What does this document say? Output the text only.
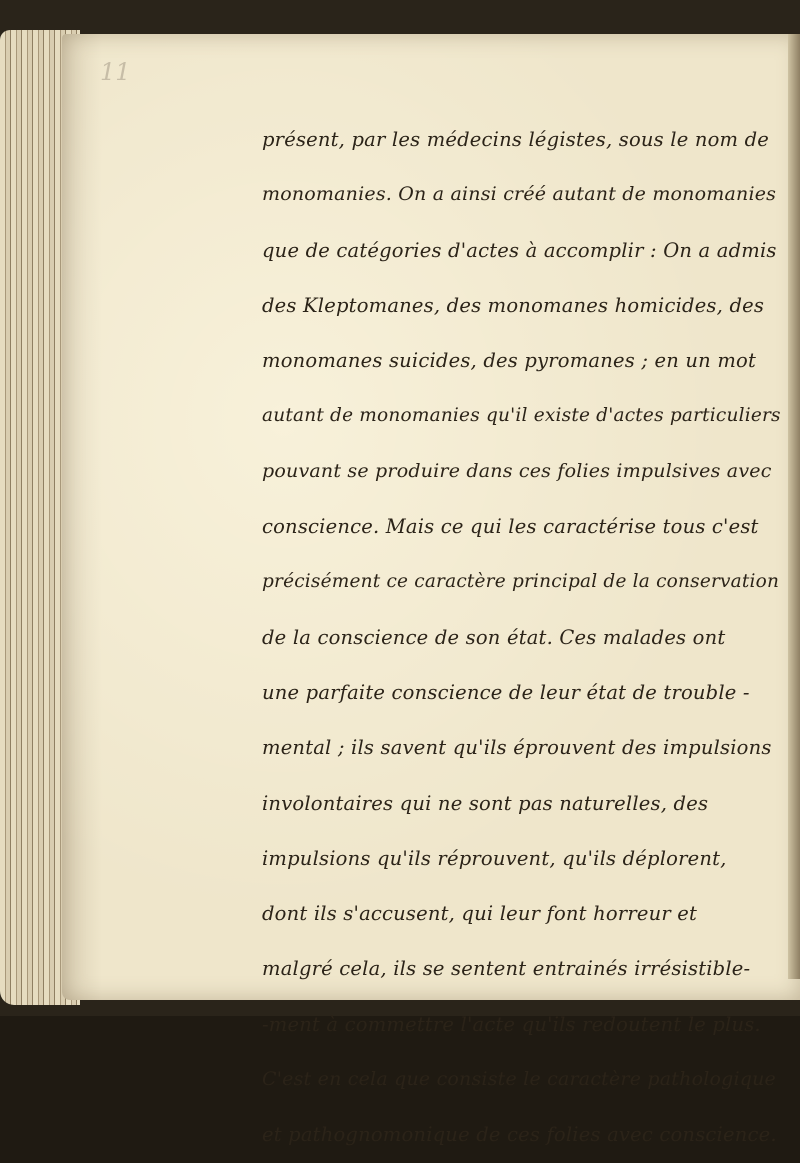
11
présent, par les médecins légistes, sous le nom de
monomanies. On a ainsi créé autant de monomanies
que de catégories d'actes à accomplir : On a admis
des Kleptomanes, des monomanes homicides, des
monomanes suicides, des pyromanes ; en un mot
autant de monomanies qu'il existe d'actes particuliers
pouvant se produire dans ces folies impulsives avec
conscience. Mais ce qui les caractérise tous c'est
précisément ce caractère principal de la conservation
de la conscience de son état. Ces malades ont
une parfaite conscience de leur état de trouble -
mental ; ils savent qu'ils éprouvent des impulsions
involontaires qui ne sont pas naturelles, des
impulsions qu'ils réprouvent, qu'ils déplorent,
dont ils s'accusent, qui leur font horreur et
malgré cela, ils se sentent entrainés irrésistible-
-ment à commettre l'acte qu'ils redoutent le plus.
C'est en cela que consiste le caractère pathologique
et pathognomonique de ces folies avec conscience.
